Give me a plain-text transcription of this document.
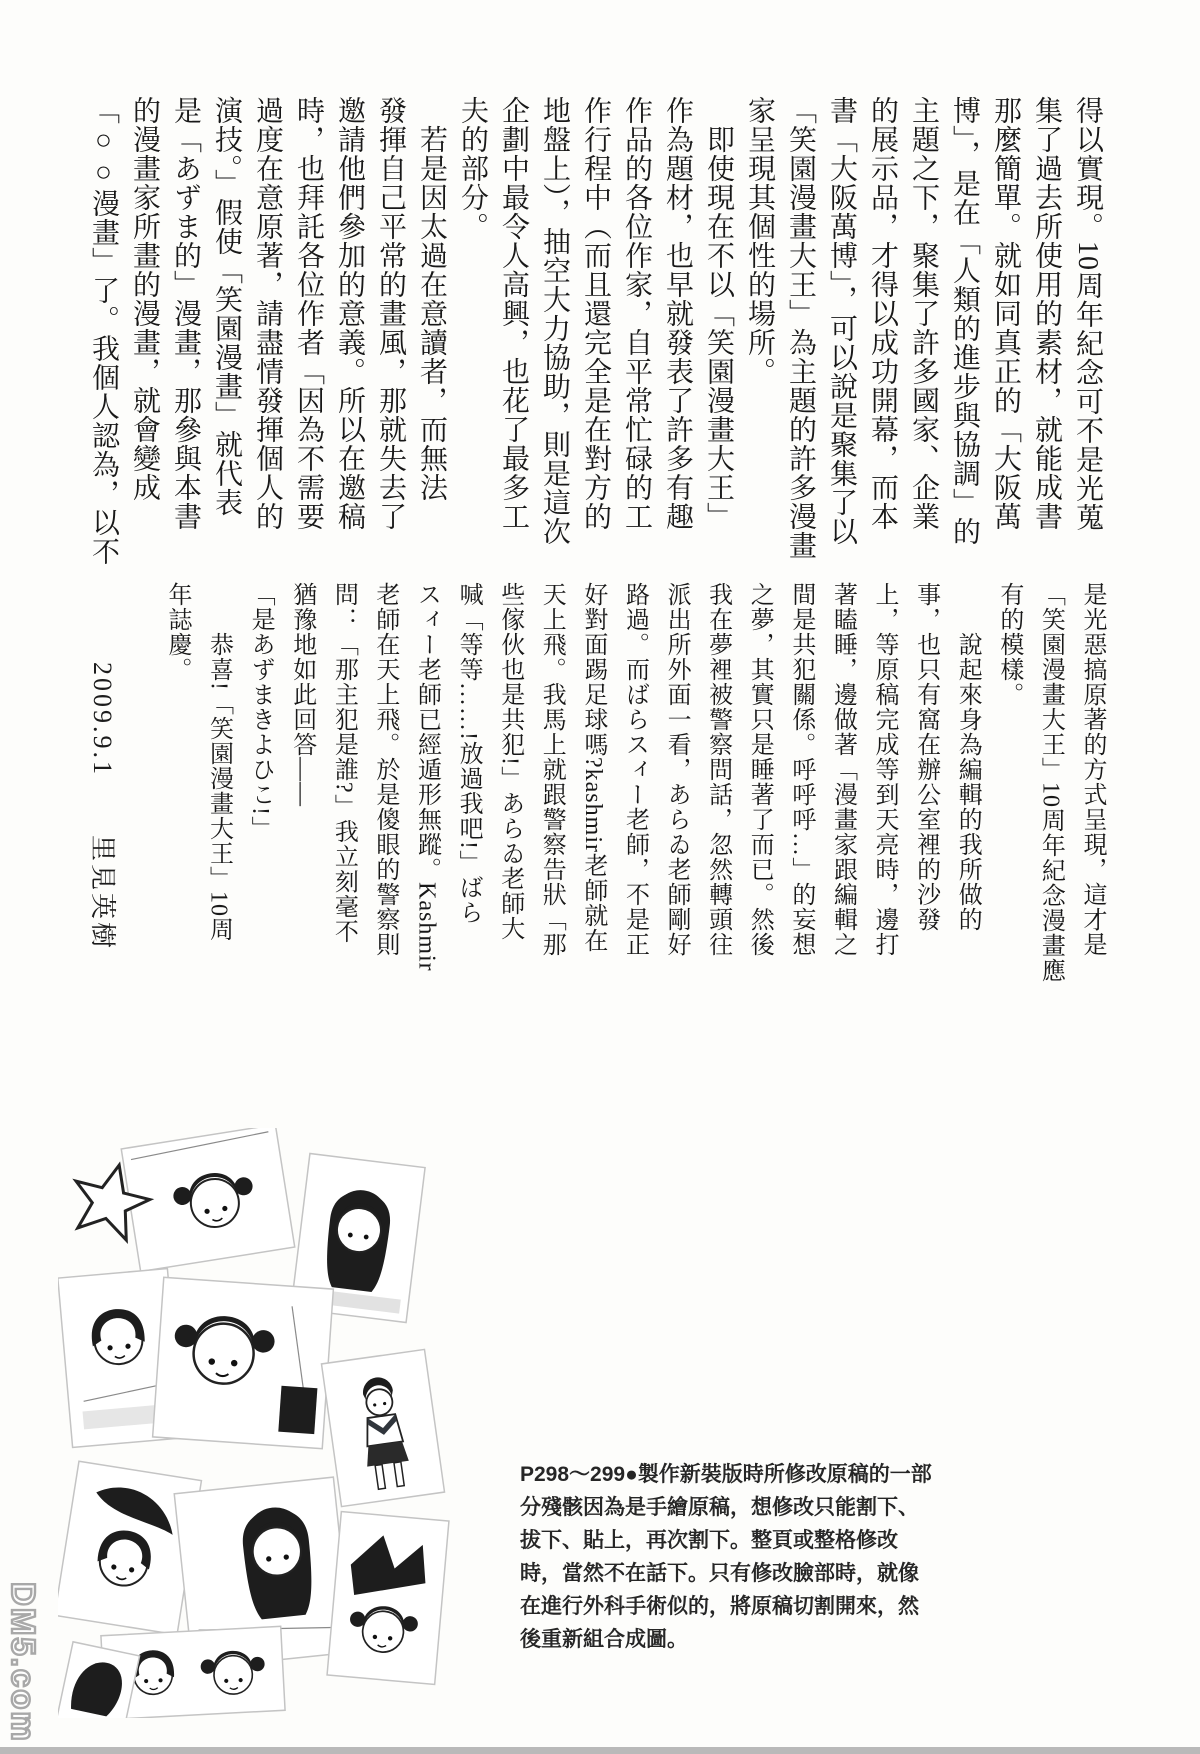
得以實現。10周年紀念可不是光蒐
集了過去所使用的素材，就能成書
那麼簡單。就如同真正的「大阪萬
博」，是在「人類的進步與協調」的
主題之下，聚集了許多國家、企業
的展示品，才得以成功開幕，而本
書「大阪萬博」，可以說是聚集了以
「笑園漫畫大王」為主題的許多漫畫
家呈現其個性的場所。
　即使現在不以「笑園漫畫大王」
作為題材，也早就發表了許多有趣
作品的各位作家，自平常忙碌的工
作行程中（而且還完全是在對方的
地盤上），抽空大力協助，則是這次
企劃中最令人高興，也花了最多工
夫的部分。
　若是因太過在意讀者，而無法
發揮自己平常的畫風，那就失去了
邀請他們參加的意義。所以在邀稿
時，也拜託各位作者「因為不需要
過度在意原著，請盡情發揮個人的
演技。」假使「笑園漫畫」就代表
是「あずま的」漫畫，那參與本書
的漫畫家所畫的漫畫，就會變成
「○○漫畫」了。我個人認為，以不
是光惡搞原著的方式呈現，這才是
「笑園漫畫大王」10周年紀念漫畫應
有的模樣。
　　說起來身為編輯的我所做的
事，也只有窩在辦公室裡的沙發
上，等原稿完成等到天亮時，邊打
著瞌睡，邊做著「漫畫家跟編輯之
間是共犯關係。呼呼呼…」的妄想
之夢，其實只是睡著了而已。然後
我在夢裡被警察問話，忽然轉頭往
派出所外面一看，あらゐ老師剛好
路過。而ばらスィー老師，不是正
好對面踢足球嗎?kashmir老師就在
天上飛。我馬上就跟警察告狀「那
些傢伙也是共犯!」あらゐ老師大
喊「等等……!放過我吧!」ばら
スィー老師已經遁形無蹤。Kashmir
老師在天上飛。於是傻眼的警察則
問：「那主犯是誰?」我立刻毫不
猶豫地如此回答——
「是あずまきよひこ!」
　　恭喜!「笑園漫畫大王」10周
年誌慶。
2009.9.1　　里見英樹
P298～299●製作新裝版時所修改原稿的一部
分殘骸因為是手繪原稿，想修改只能割下、
拔下、貼上，再次割下。整頁或整格修改
時，當然不在話下。只有修改臉部時，就像
在進行外科手術似的，將原稿切割開來，然
後重新組合成圖。
DM5.com
